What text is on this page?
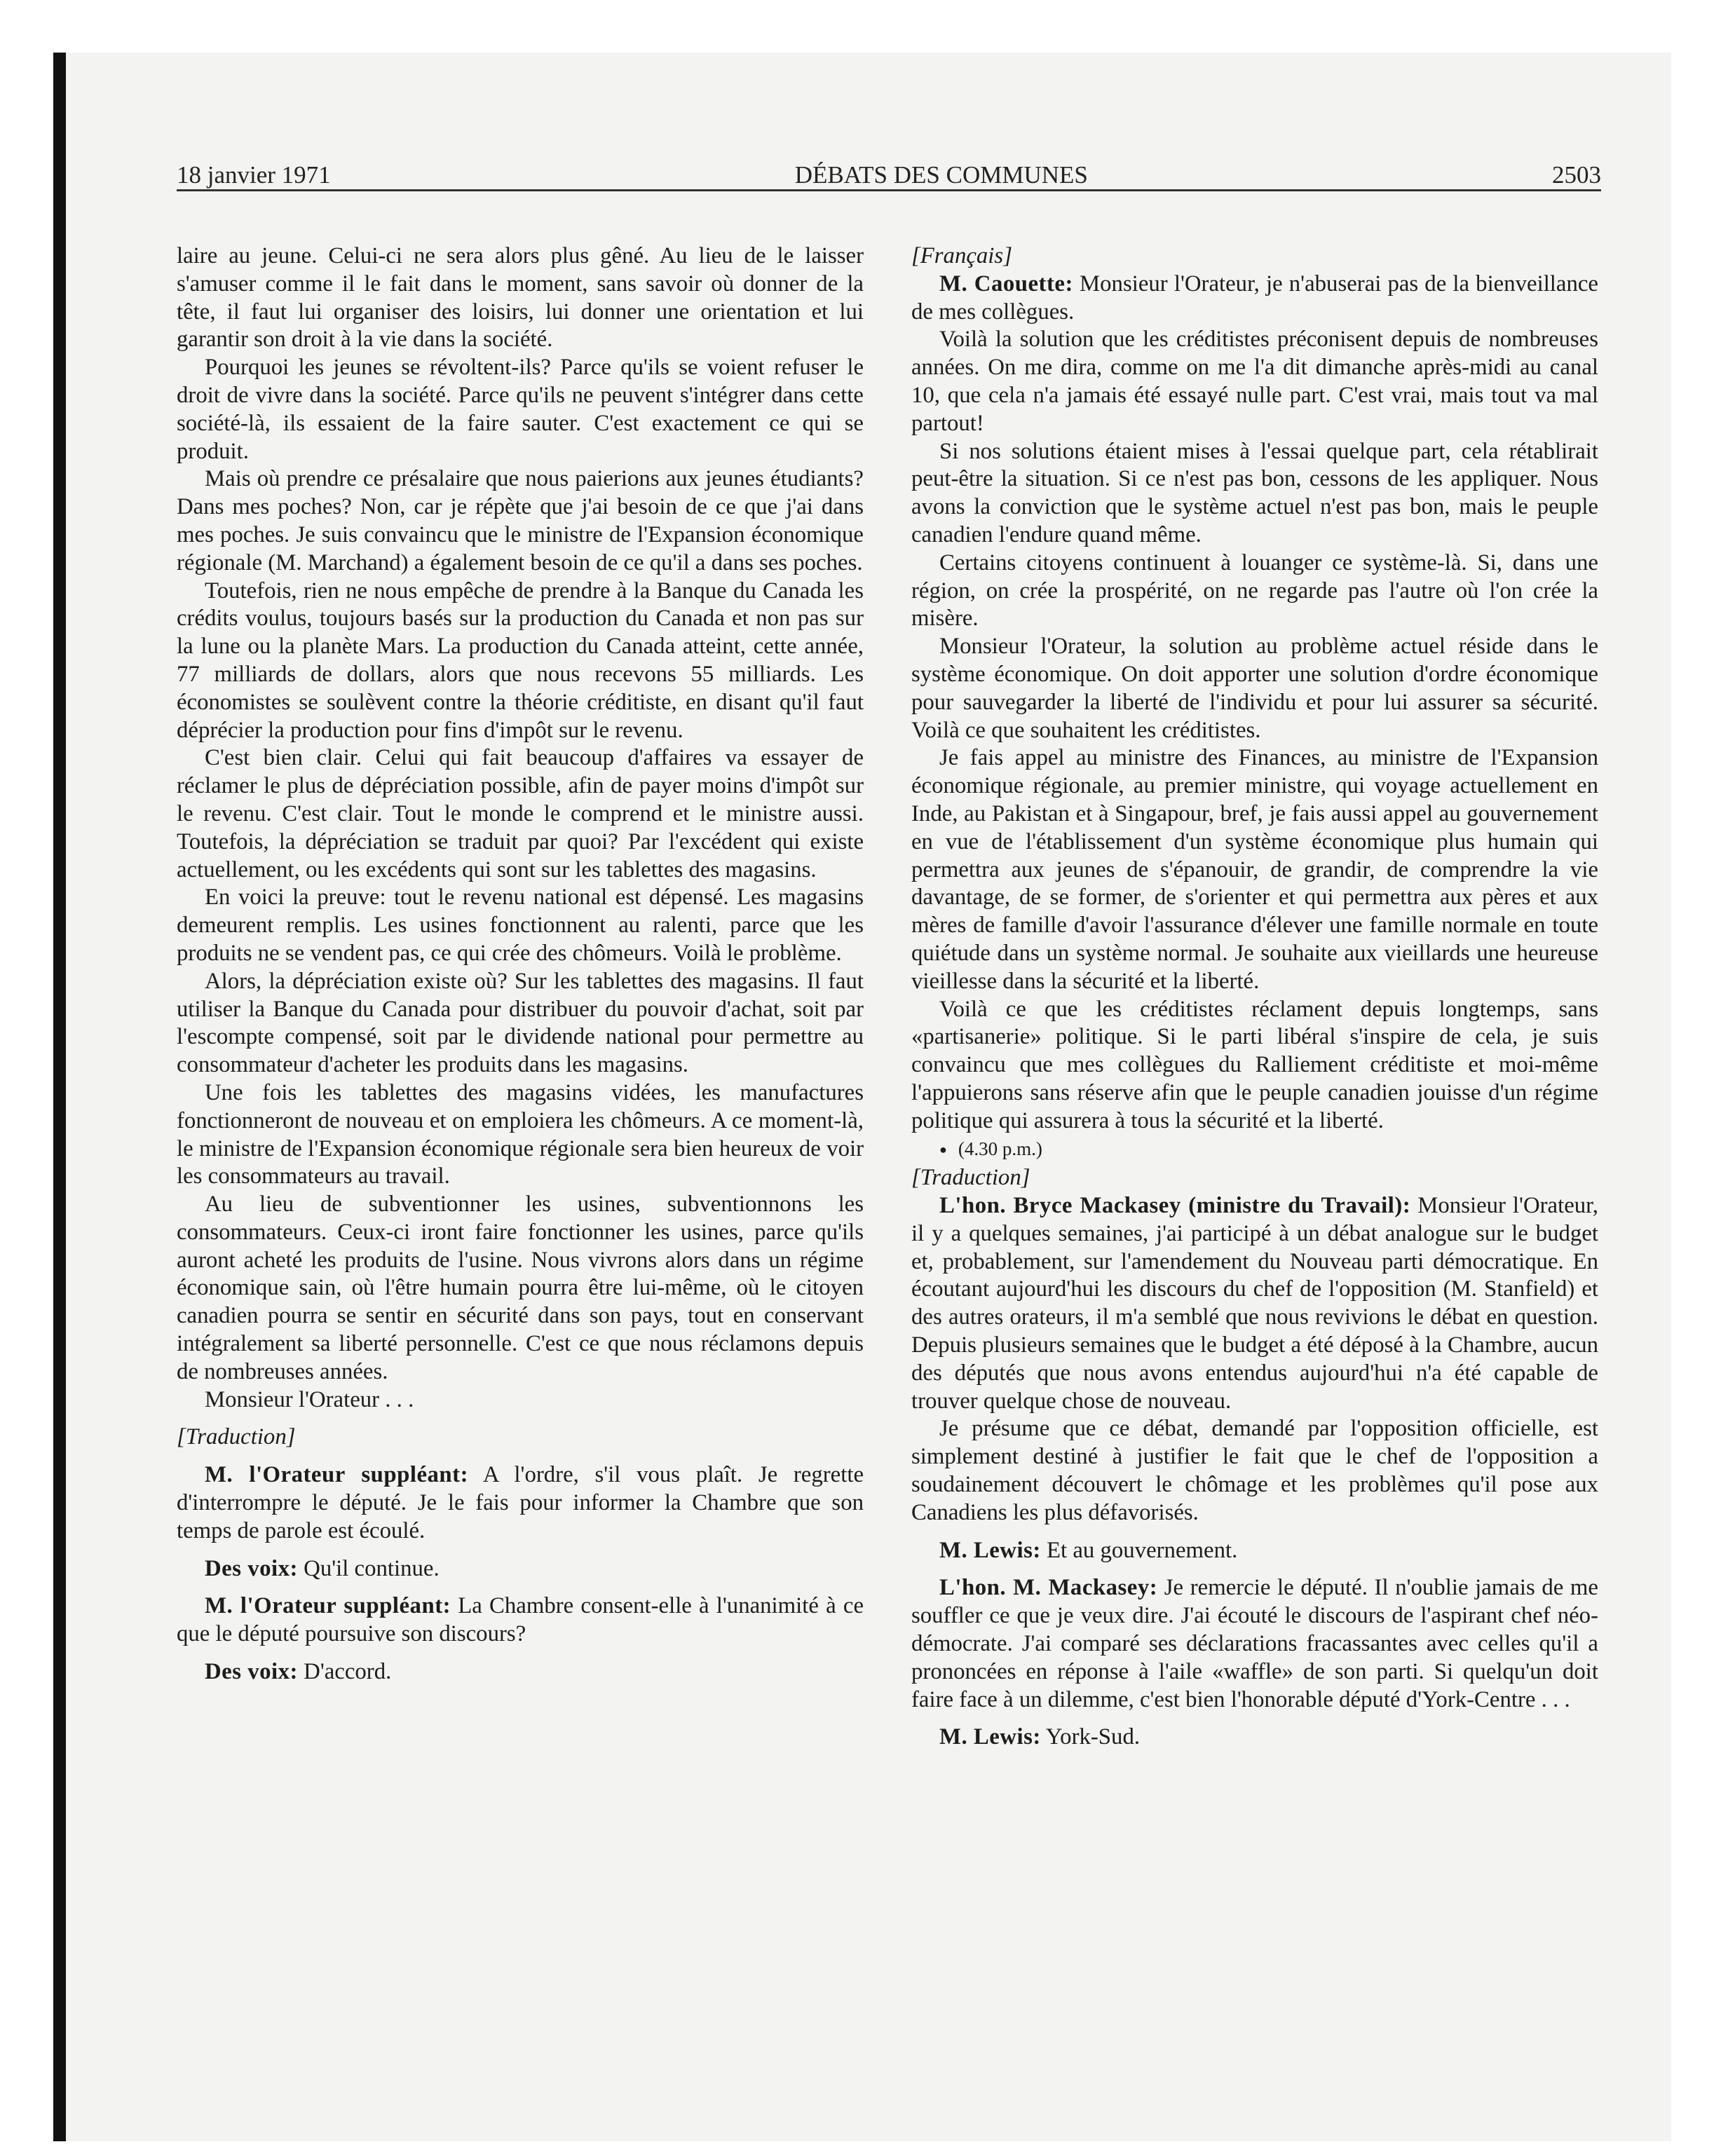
18 janvier 1971	DÉBATS DES COMMUNES	2503

laire au jeune. Celui-ci ne sera alors plus gêné. Au lieu de le laisser s'amuser comme il le fait dans le moment, sans savoir où donner de la tête, il faut lui organiser des loisirs, lui donner une orientation et lui garantir son droit à la vie dans la société.

Pourquoi les jeunes se révoltent-ils? Parce qu'ils se voient refuser le droit de vivre dans la société. Parce qu'ils ne peuvent s'intégrer dans cette société-là, ils essaient de la faire sauter. C'est exactement ce qui se produit.

Mais où prendre ce présalaire que nous paierions aux jeunes étudiants? Dans mes poches? Non, car je répète que j'ai besoin de ce que j'ai dans mes poches. Je suis convaincu que le ministre de l'Expansion économique régionale (M. Marchand) a également besoin de ce qu'il a dans ses poches.

Toutefois, rien ne nous empêche de prendre à la Banque du Canada les crédits voulus, toujours basés sur la production du Canada et non pas sur la lune ou la planète Mars. La production du Canada atteint, cette année, 77 milliards de dollars, alors que nous recevons 55 milliards. Les économistes se soulèvent contre la théorie créditiste, en disant qu'il faut déprécier la production pour fins d'impôt sur le revenu.

C'est bien clair. Celui qui fait beaucoup d'affaires va essayer de réclamer le plus de dépréciation possible, afin de payer moins d'impôt sur le revenu. C'est clair. Tout le monde le comprend et le ministre aussi. Toutefois, la dépréciation se traduit par quoi? Par l'excédent qui existe actuellement, ou les excédents qui sont sur les tablettes des magasins.

En voici la preuve: tout le revenu national est dépensé. Les magasins demeurent remplis. Les usines fonctionnent au ralenti, parce que les produits ne se vendent pas, ce qui crée des chômeurs. Voilà le problème.

Alors, la dépréciation existe où? Sur les tablettes des magasins. Il faut utiliser la Banque du Canada pour distribuer du pouvoir d'achat, soit par l'escompte compensé, soit par le dividende national pour permettre au consommateur d'acheter les produits dans les magasins.

Une fois les tablettes des magasins vidées, les manufactures fonctionneront de nouveau et on emploiera les chômeurs. A ce moment-là, le ministre de l'Expansion économique régionale sera bien heureux de voir les consommateurs au travail.

Au lieu de subventionner les usines, subventionnons les consommateurs. Ceux-ci iront faire fonctionner les usines, parce qu'ils auront acheté les produits de l'usine. Nous vivrons alors dans un régime économique sain, où l'être humain pourra être lui-même, où le citoyen canadien pourra se sentir en sécurité dans son pays, tout en conservant intégralement sa liberté personnelle. C'est ce que nous réclamons depuis de nombreuses années.

Monsieur l'Orateur . . .

[Traduction]

M. l'Orateur suppléant: A l'ordre, s'il vous plaît. Je regrette d'interrompre le député. Je le fais pour informer la Chambre que son temps de parole est écoulé.

Des voix: Qu'il continue.

M. l'Orateur suppléant: La Chambre consent-elle à l'unanimité à ce que le député poursuive son discours?

Des voix: D'accord.

[Français]

M. Caouette: Monsieur l'Orateur, je n'abuserai pas de la bienveillance de mes collègues.

Voilà la solution que les créditistes préconisent depuis de nombreuses années. On me dira, comme on me l'a dit dimanche après-midi au canal 10, que cela n'a jamais été essayé nulle part. C'est vrai, mais tout va mal partout!

Si nos solutions étaient mises à l'essai quelque part, cela rétablirait peut-être la situation. Si ce n'est pas bon, cessons de les appliquer. Nous avons la conviction que le système actuel n'est pas bon, mais le peuple canadien l'endure quand même.

Certains citoyens continuent à louanger ce système-là. Si, dans une région, on crée la prospérité, on ne regarde pas l'autre où l'on crée la misère.

Monsieur l'Orateur, la solution au problème actuel réside dans le système économique. On doit apporter une solution d'ordre économique pour sauvegarder la liberté de l'individu et pour lui assurer sa sécurité. Voilà ce que souhaitent les créditistes.

Je fais appel au ministre des Finances, au ministre de l'Expansion économique régionale, au premier ministre, qui voyage actuellement en Inde, au Pakistan et à Singapour, bref, je fais aussi appel au gouvernement en vue de l'établissement d'un système économique plus humain qui permettra aux jeunes de s'épanouir, de grandir, de comprendre la vie davantage, de se former, de s'orienter et qui permettra aux pères et aux mères de famille d'avoir l'assurance d'élever une famille normale en toute quiétude dans un système normal. Je souhaite aux vieillards une heureuse vieillesse dans la sécurité et la liberté.

Voilà ce que les créditistes réclament depuis longtemps, sans «partisanerie» politique. Si le parti libéral s'inspire de cela, je suis convaincu que mes collègues du Ralliement créditiste et moi-même l'appuierons sans réserve afin que le peuple canadien jouisse d'un régime politique qui assurera à tous la sécurité et la liberté.

● (4.30 p.m.)

[Traduction]

L'hon. Bryce Mackasey (ministre du Travail): Monsieur l'Orateur, il y a quelques semaines, j'ai participé à un débat analogue sur le budget et, probablement, sur l'amendement du Nouveau parti démocratique. En écoutant aujourd'hui les discours du chef de l'opposition (M. Stanfield) et des autres orateurs, il m'a semblé que nous revivions le débat en question. Depuis plusieurs semaines que le budget a été déposé à la Chambre, aucun des députés que nous avons entendus aujourd'hui n'a été capable de trouver quelque chose de nouveau.

Je présume que ce débat, demandé par l'opposition officielle, est simplement destiné à justifier le fait que le chef de l'opposition a soudainement découvert le chômage et les problèmes qu'il pose aux Canadiens les plus défavorisés.

M. Lewis: Et au gouvernement.

L'hon. M. Mackasey: Je remercie le député. Il n'oublie jamais de me souffler ce que je veux dire. J'ai écouté le discours de l'aspirant chef néo-démocrate. J'ai comparé ses déclarations fracassantes avec celles qu'il a prononcées en réponse à l'aile «waffle» de son parti. Si quelqu'un doit faire face à un dilemme, c'est bien l'honorable député d'York-Centre . . .

M. Lewis: York-Sud.
